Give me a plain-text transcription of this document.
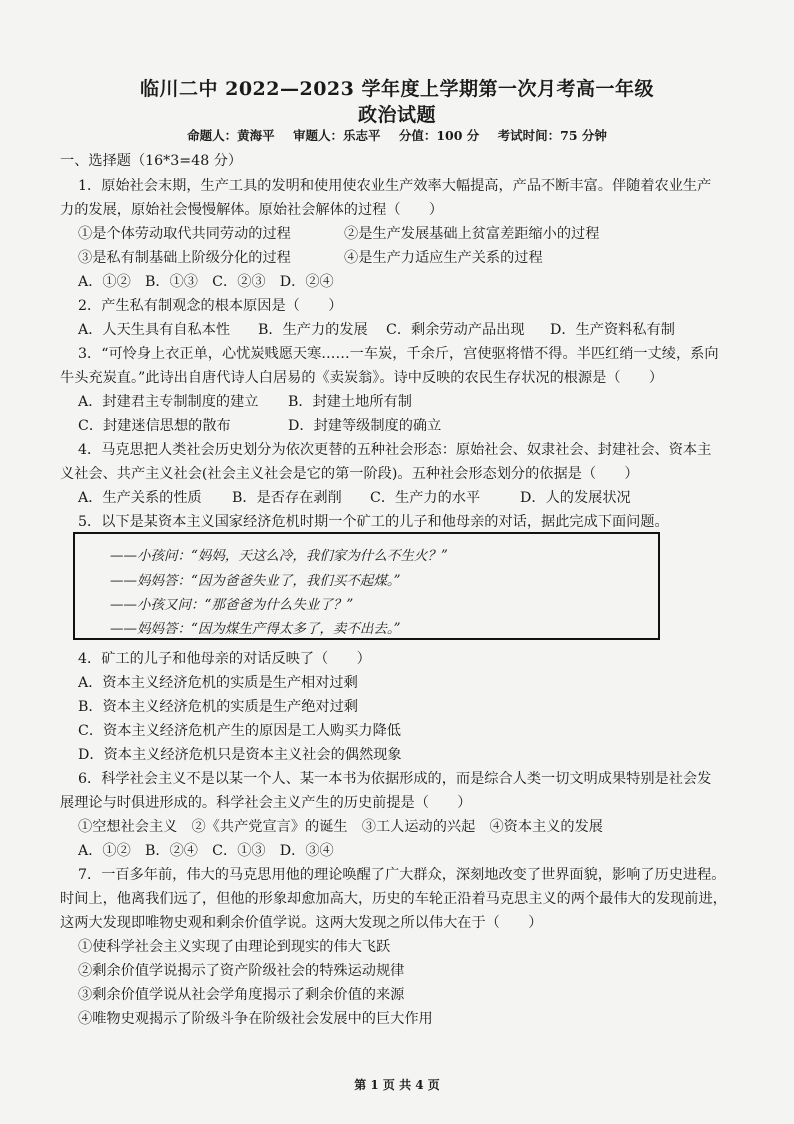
临川二中 2022—2023 学年度上学期第一次月考高一年级
政治试题
命题人：黄海平 审题人：乐志平 分值：100 分 考试时间：75 分钟
一、选择题（16*3=48 分）
1．原始社会末期，生产工具的发明和使用使农业生产效率大幅提高，产品不断丰富。伴随着农业生产
力的发展，原始社会慢慢解体。原始社会解体的过程（　　）
①是个体劳动取代共同劳动的过程	②是生产发展基础上贫富差距缩小的过程
③是私有制基础上阶级分化的过程	④是生产力适应生产关系的过程
A．①②　B．①③　C．②③　D．②④
2．产生私有制观念的根本原因是（　　）
A．人天生具有自私本性 B．生产力的发展 C．剩余劳动产品出现 D．生产资料私有制
3．“可怜身上衣正单，心忧炭贱愿天寒……一车炭，千余斤，宫使驱将惜不得。半匹红绡一丈绫，系向
牛头充炭直。”此诗出自唐代诗人白居易的《卖炭翁》。诗中反映的农民生存状况的根源是（　　）
A．封建君主专制制度的建立 B．封建土地所有制
C．封建迷信思想的散布	D．封建等级制度的确立
4．马克思把人类社会历史划分为依次更替的五种社会形态：原始社会、奴隶社会、封建社会、资本主
义社会、共产主义社会(社会主义社会是它的第一阶段)。五种社会形态划分的依据是（　　）
A．生产关系的性质 B．是否存在剥削 C．生产力的水平	D．人的发展状况
5．以下是某资本主义国家经济危机时期一个矿工的儿子和他母亲的对话，据此完成下面问题。
——小孩问：“妈妈，天这么冷，我们家为什么不生火？”
——妈妈答：“因为爸爸失业了，我们买不起煤。”
——小孩又问：“那爸爸为什么失业了？”
——妈妈答：“因为煤生产得太多了，卖不出去。”
4．矿工的儿子和他母亲的对话反映了（　　）
A．资本主义经济危机的实质是生产相对过剩
B．资本主义经济危机的实质是生产绝对过剩
C．资本主义经济危机产生的原因是工人购买力降低
D．资本主义经济危机只是资本主义社会的偶然现象
6．科学社会主义不是以某一个人、某一本书为依据形成的，而是综合人类一切文明成果特别是社会发
展理论与时俱进形成的。科学社会主义产生的历史前提是（　　）
①空想社会主义　②《共产党宣言》的诞生　③工人运动的兴起　④资本主义的发展
A．①②　B．②④　C．①③　D．③④
7．一百多年前，伟大的马克思用他的理论唤醒了广大群众，深刻地改变了世界面貌，影响了历史进程。
时间上，他离我们远了，但他的形象却愈加高大，历史的车轮正沿着马克思主义的两个最伟大的发现前进，
这两大发现即唯物史观和剩余价值学说。这两大发现之所以伟大在于（　　）
①使科学社会主义实现了由理论到现实的伟大飞跃
②剩余价值学说揭示了资产阶级社会的特殊运动规律
③剩余价值学说从社会学角度揭示了剩余价值的来源
④唯物史观揭示了阶级斗争在阶级社会发展中的巨大作用
第 1 页 共 4 页
